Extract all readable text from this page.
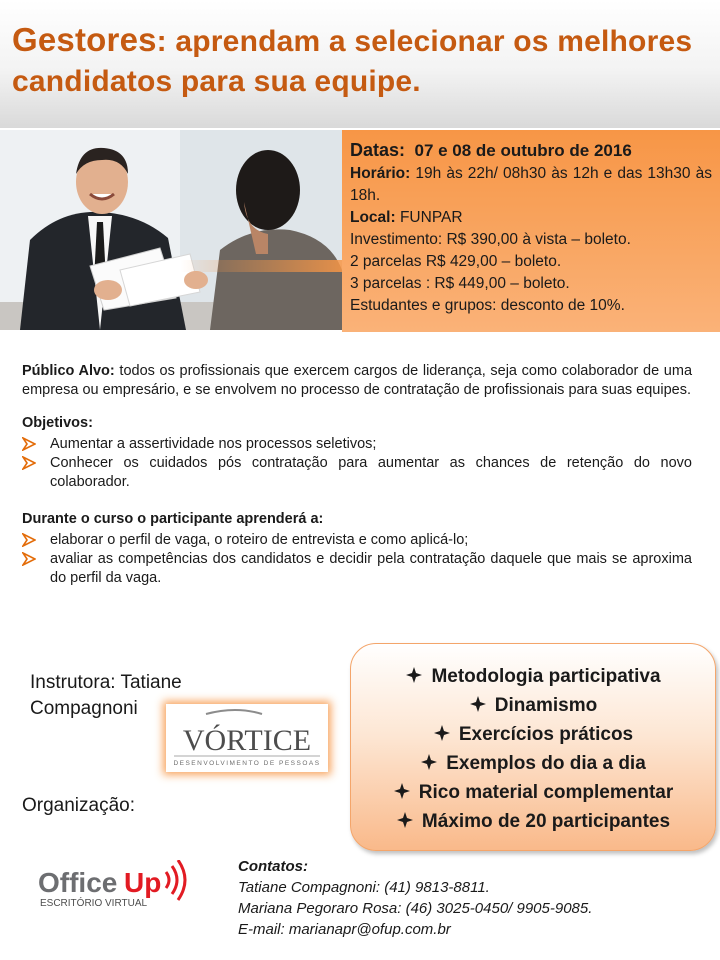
Gestores: aprendam a selecionar os melhores
candidatos para sua equipe.

Datas: 07 e 08 de outubro de 2016

Horário: 19h às 22h/ 08h30 às 12h e das 13h30 às 18h.

Local: FUNPAR

Investimento: R$ 390,00 à vista – boleto.

2 parcelas R$ 429,00 – boleto.

3 parcelas : R$ 449,00 – boleto.

Estudantes e grupos: desconto de 10%.

Público Alvo: todos os profissionais que exercem cargos de liderança, seja como colaborador de uma empresa ou empresário, e se envolvem no processo de contratação de profissionais para suas equipes.

Objetivos:

Aumentar a assertividade nos processos seletivos;
Conhecer os cuidados pós contratação para aumentar as chances de retenção do novo colaborador.

Durante o curso o participante aprenderá a:

elaborar o perfil de vaga, o roteiro de entrevista e como aplicá-lo;
avaliar as competências dos candidatos e decidir pela contratação daquele que mais se aproxima do perfil da vaga.
Instrutora: Tatiane Compagnoni
VÓRTICE
DESENVOLVIMENTO DE PESSOAS
Metodologia participativa
Dinamismo
Exercícios práticos
Exemplos do dia a dia
Rico material complementar
Máximo de 20 participantes
Organização:
Office Up
ESCRITÓRIO VIRTUAL

Contatos:

Tatiane Compagnoni: (41) 9813-8811.

Mariana Pegoraro Rosa: (46) 3025-0450/ 9905-9085.

E-mail: marianapr@ofup.com.br
